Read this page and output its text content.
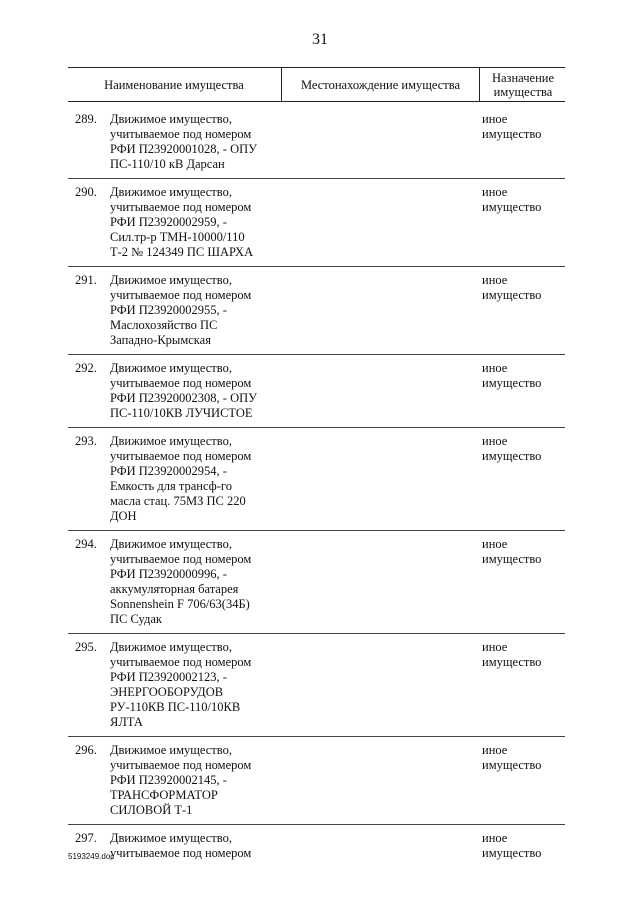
31
Наименование имущества	Местонахождение имущества	Назначение имущества
289. Движимое имущество,
учитываемое под номером
РФИ П23920001028, - ОПУ
ПС-110/10 кВ Дарсан
иное
имущество
290. Движимое имущество,
учитываемое под номером
РФИ П23920002959, -
Сил.тр-р ТМН-10000/110
Т-2 № 124349 ПС ШАРХА
иное
имущество
291. Движимое имущество,
учитываемое под номером
РФИ П23920002955, -
Маслохозяйство ПС
Западно-Крымская
иное
имущество
292. Движимое имущество,
учитываемое под номером
РФИ П23920002308, - ОПУ
ПС-110/10КВ ЛУЧИСТОЕ
иное
имущество
293. Движимое имущество,
учитываемое под номером
РФИ П23920002954, -
Емкость для трансф-го
масла стац. 75МЗ ПС 220
ДОН
иное
имущество
294. Движимое имущество,
учитываемое под номером
РФИ П23920000996, -
аккумуляторная батарея
Sonnenshein F 706/63(34Б)
ПС Судак
иное
имущество
295. Движимое имущество,
учитываемое под номером
РФИ П23920002123, -
ЭНЕРГООБОРУДОВ
РУ-110КВ ПС-110/10КВ
ЯЛТА
иное
имущество
296. Движимое имущество,
учитываемое под номером
РФИ П23920002145, -
ТРАНСФОРМАТОР
СИЛОВОЙ Т-1
иное
имущество
297. Движимое имущество,
учитываемое под номером
иное
имущество
5193249.doc
